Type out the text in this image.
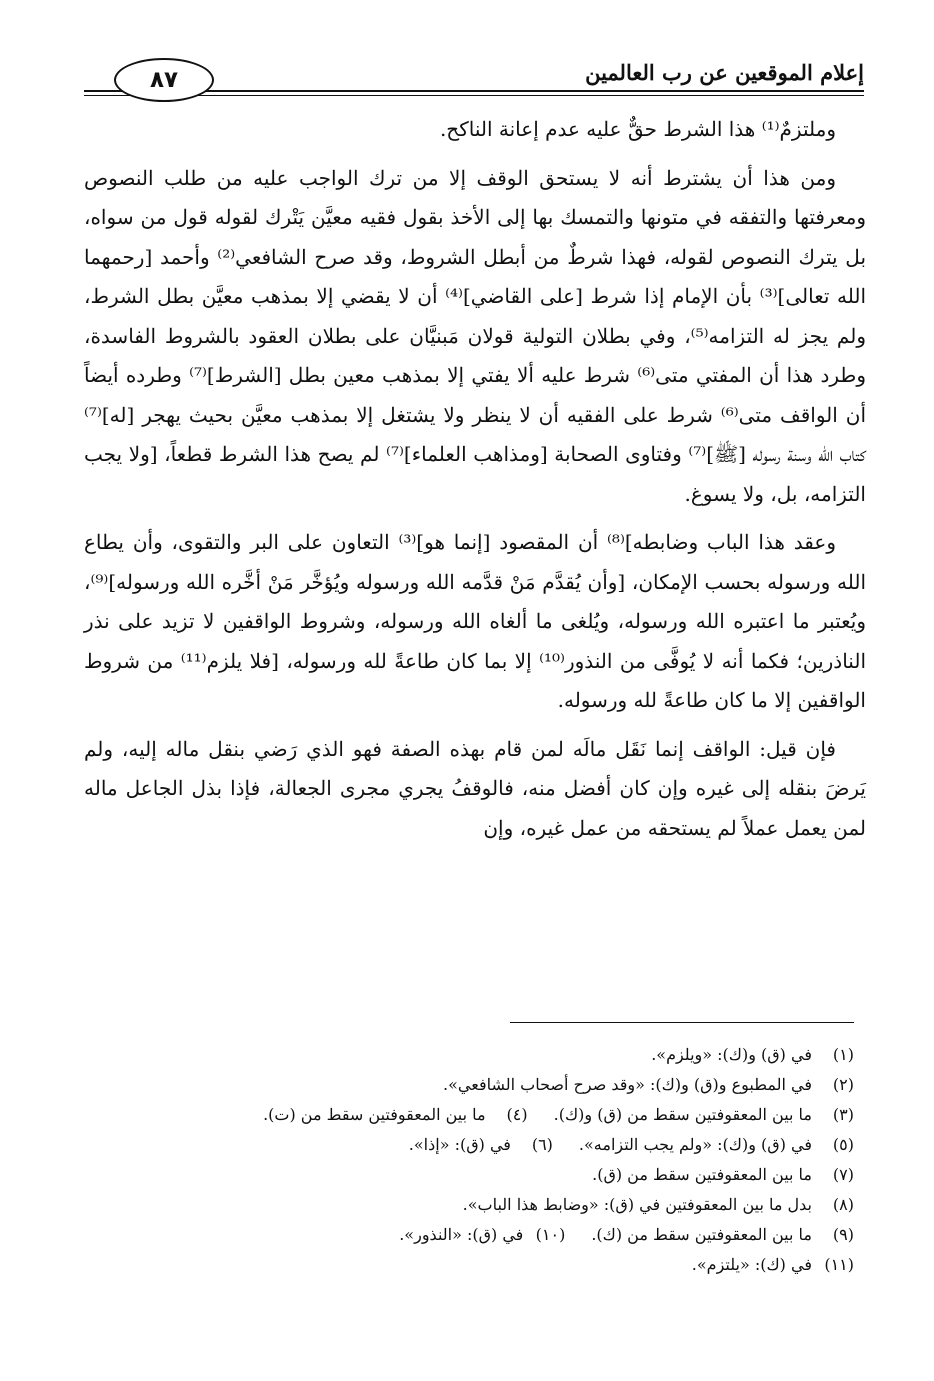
إعلام الموقعين عن رب العالمين
٨٧

وملتزمٌ⁽¹⁾ هذا الشرط حقٌّ عليه عدم إعانة الناكح.

ومن هذا أن يشترط أنه لا يستحق الوقف إلا من ترك الواجب عليه من طلب النصوص ومعرفتها والتفقه في متونها والتمسك بها إلى الأخذ بقول فقيه معيَّن يَتْرك لقوله قول من سواه، بل يترك النصوص لقوله، فهذا شرطٌ من أبطل الشروط، وقد صرح الشافعي⁽²⁾ وأحمد [رحمهما الله تعالى]⁽³⁾ بأن الإمام إذا شرط [على القاضي]⁽⁴⁾ أن لا يقضي إلا بمذهب معيَّن بطل الشرط، ولم يجز له التزامه⁽⁵⁾، وفي بطلان التولية قولان مَبنيَّان على بطلان العقود بالشروط الفاسدة، وطرد هذا أن المفتي متى⁽⁶⁾ شرط عليه ألا يفتي إلا بمذهب معين بطل [الشرط]⁽⁷⁾ وطرده أيضاً أن الواقف متى⁽⁶⁾ شرط على الفقيه أن لا ينظر ولا يشتغل إلا بمذهب معيَّن بحيث يهجر [له]⁽⁷⁾ كتاب الله وسنة رسوله [ﷺ]⁽⁷⁾ وفتاوى الصحابة [ومذاهب العلماء]⁽⁷⁾ لم يصح هذا الشرط قطعاً، [ولا يجب التزامه، بل، ولا يسوغ.

وعقد هذا الباب وضابطه]⁽⁸⁾ أن المقصود [إنما هو]⁽³⁾ التعاون على البر والتقوى، وأن يطاع الله ورسوله بحسب الإمكان، [وأن يُقدَّم مَنْ قدَّمه الله ورسوله ويُؤخَّر مَنْ أخَّره الله ورسوله]⁽⁹⁾، ويُعتبر ما اعتبره الله ورسوله، ويُلغى ما ألغاه الله ورسوله، وشروط الواقفين لا تزيد على نذر الناذرين؛ فكما أنه لا يُوفَّى من النذور⁽¹⁰⁾ إلا بما كان طاعةً لله ورسوله، [فلا يلزم⁽¹¹⁾ من شروط الواقفين إلا ما كان طاعةً لله ورسوله.

فإن قيل: الواقف إنما نَقَل مالَه لمن قام بهذه الصفة فهو الذي رَضي بنقل ماله إليه، ولم يَرضَ بنقله إلى غيره وإن كان أفضل منه، فالوقفُ يجري مجرى الجعالة، فإذا بذل الجاعل ماله لمن يعمل عملاً لم يستحقه من عمل غيره، وإن

(١)في (ق) و(ك): «ويلزم».
(٢)في المطبوع و(ق) و(ك): «وقد صرح أصحاب الشافعي».
(٣)ما بين المعقوفتين سقط من (ق) و(ك).(٤)ما بين المعقوفتين سقط من (ت).
(٥)في (ق) و(ك): «ولم يجب التزامه».(٦)في (ق): «إذا».
(٧)ما بين المعقوفتين سقط من (ق).
(٨)بدل ما بين المعقوفتين في (ق): «وضابط هذا الباب».
(٩)ما بين المعقوفتين سقط من (ك).(١٠)في (ق): «النذور».
(١١)في (ك): «يلتزم».
